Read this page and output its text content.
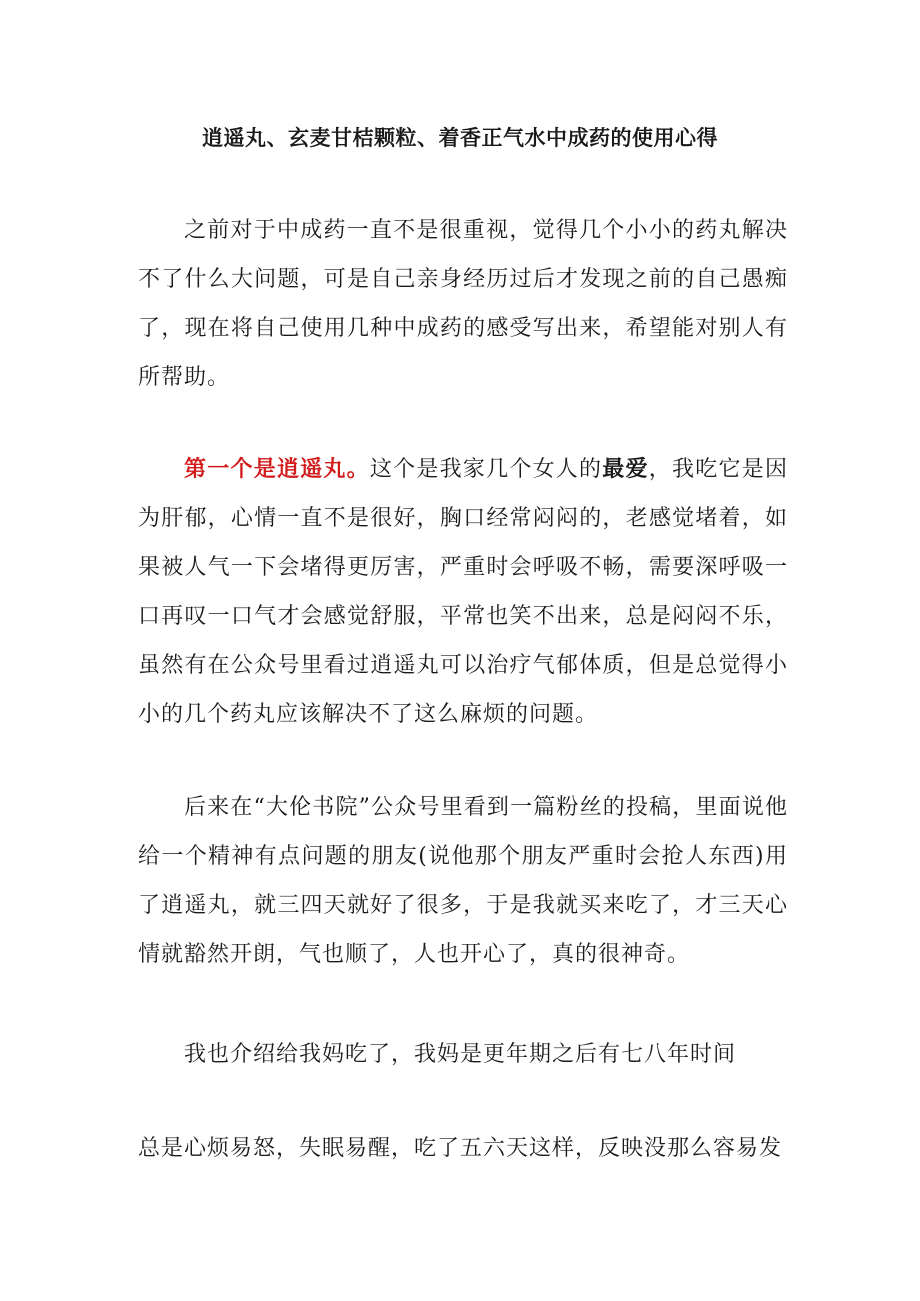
逍遥丸、玄麦甘桔颗粒、着香正气水中成药的使用心得

之前对于中成药一直不是很重视，觉得几个小小的药丸解决不了什么大问题，可是自己亲身经历过后才发现之前的自己愚痴了，现在将自己使用几种中成药的感受写出来，希望能对别人有所帮助。

第一个是逍遥丸。这个是我家几个女人的最爱，我吃它是因为肝郁，心情一直不是很好，胸口经常闷闷的，老感觉堵着，如果被人气一下会堵得更厉害，严重时会呼吸不畅，需要深呼吸一口再叹一口气才会感觉舒服，平常也笑不出来，总是闷闷不乐，虽然有在公众号里看过逍遥丸可以治疗气郁体质，但是总觉得小小的几个药丸应该解决不了这么麻烦的问题。

后来在“大伦书院”公众号里看到一篇粉丝的投稿，里面说他给一个精神有点问题的朋友(说他那个朋友严重时会抢人东西)用了逍遥丸，就三四天就好了很多，于是我就买来吃了，才三天心情就豁然开朗，气也顺了，人也开心了，真的很神奇。

我也介绍给我妈吃了，我妈是更年期之后有七八年时间

总是心烦易怒，失眠易醒，吃了五六天这样，反映没那么容易发
